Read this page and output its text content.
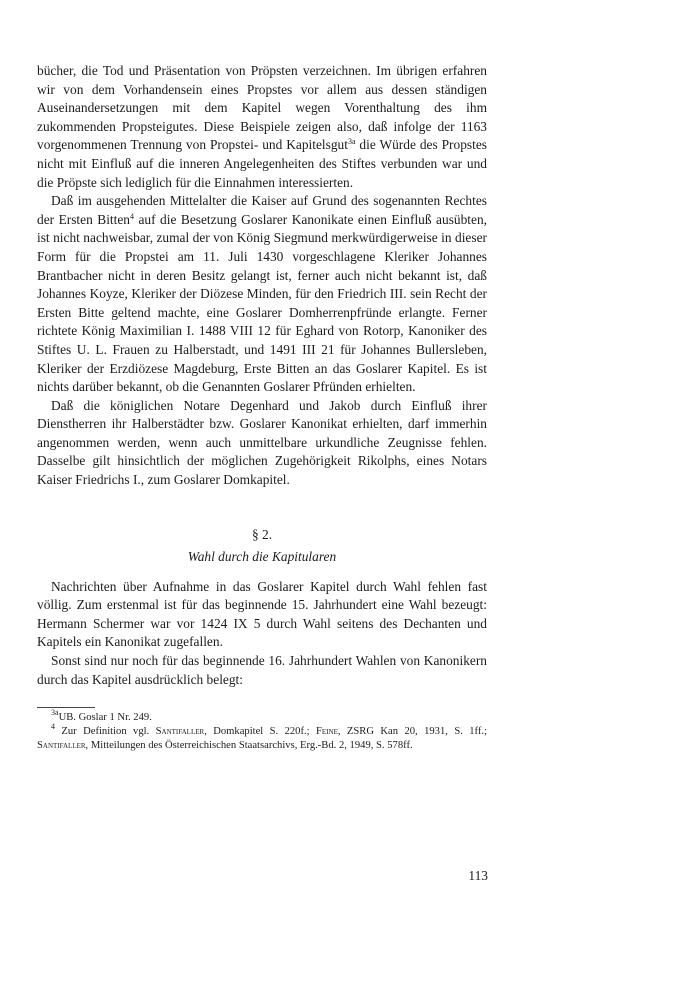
bücher, die Tod und Präsentation von Pröpsten verzeichnen. Im übrigen erfahren wir von dem Vorhandensein eines Propstes vor allem aus dessen ständigen Auseinandersetzungen mit dem Kapitel wegen Vorenthaltung des ihm zukommenden Propsteigutes. Diese Beispiele zeigen also, daß infolge der 1163 vorgenommenen Trennung von Propstei- und Kapitelsgut$^{3a}$ die Würde des Propstes nicht mit Einfluß auf die inneren Angelegenheiten des Stiftes verbunden war und die Pröpste sich lediglich für die Einnahmen interessierten.

Daß im ausgehenden Mittelalter die Kaiser auf Grund des sogenannten Rechtes der Ersten Bitten$^4$ auf die Besetzung Goslarer Kanonikate einen Einfluß ausübten, ist nicht nachweisbar, zumal der von König Siegmund merkwürdigerweise in dieser Form für die Propstei am 11. Juli 1430 vorgeschlagene Kleriker Johannes Brantbacher nicht in deren Besitz gelangt ist, ferner auch nicht bekannt ist, daß Johannes Koyze, Kleriker der Diözese Minden, für den Friedrich III. sein Recht der Ersten Bitte geltend machte, eine Goslarer Domherrenpfründe erlangte. Ferner richtete König Maximilian I. 1488 VIII 12 für Eghard von Rotorp, Kanoniker des Stiftes U. L. Frauen zu Halberstadt, und 1491 III 21 für Johannes Bullersleben, Kleriker der Erzdiözese Magdeburg, Erste Bitten an das Goslarer Kapitel. Es ist nichts darüber bekannt, ob die Genannten Goslarer Pfründen erhielten.

Daß die königlichen Notare Degenhard und Jakob durch Einfluß ihrer Dienstherren ihr Halberstädter bzw. Goslarer Kanonikat erhielten, darf immerhin angenommen werden, wenn auch unmittelbare urkundliche Zeugnisse fehlen. Dasselbe gilt hinsichtlich der möglichen Zugehörigkeit Rikolphs, eines Notars Kaiser Friedrichs I., zum Goslarer Domkapitel.

§ 2.
Wahl durch die Kapitularen

Nachrichten über Aufnahme in das Goslarer Kapitel durch Wahl fehlen fast völlig. Zum erstenmal ist für das beginnende 15. Jahrhundert eine Wahl bezeugt: Hermann Schermer war vor 1424 IX 5 durch Wahl seitens des Dechanten und Kapitels ein Kanonikat zugefallen.

Sonst sind nur noch für das beginnende 16. Jahrhundert Wahlen von Kanonikern durch das Kapitel ausdrücklich belegt:

$^{3a}$UB. Goslar 1 Nr. 249.

$^4$ Zur Definition vgl. Santifaller, Domkapitel S. 220f.; Feine, ZSRG Kan 20, 1931, S. 1ff.; Santifaller, Mitteilungen des Österreichischen Staatsarchivs, Erg.-Bd. 2, 1949, S. 578ff.

113
